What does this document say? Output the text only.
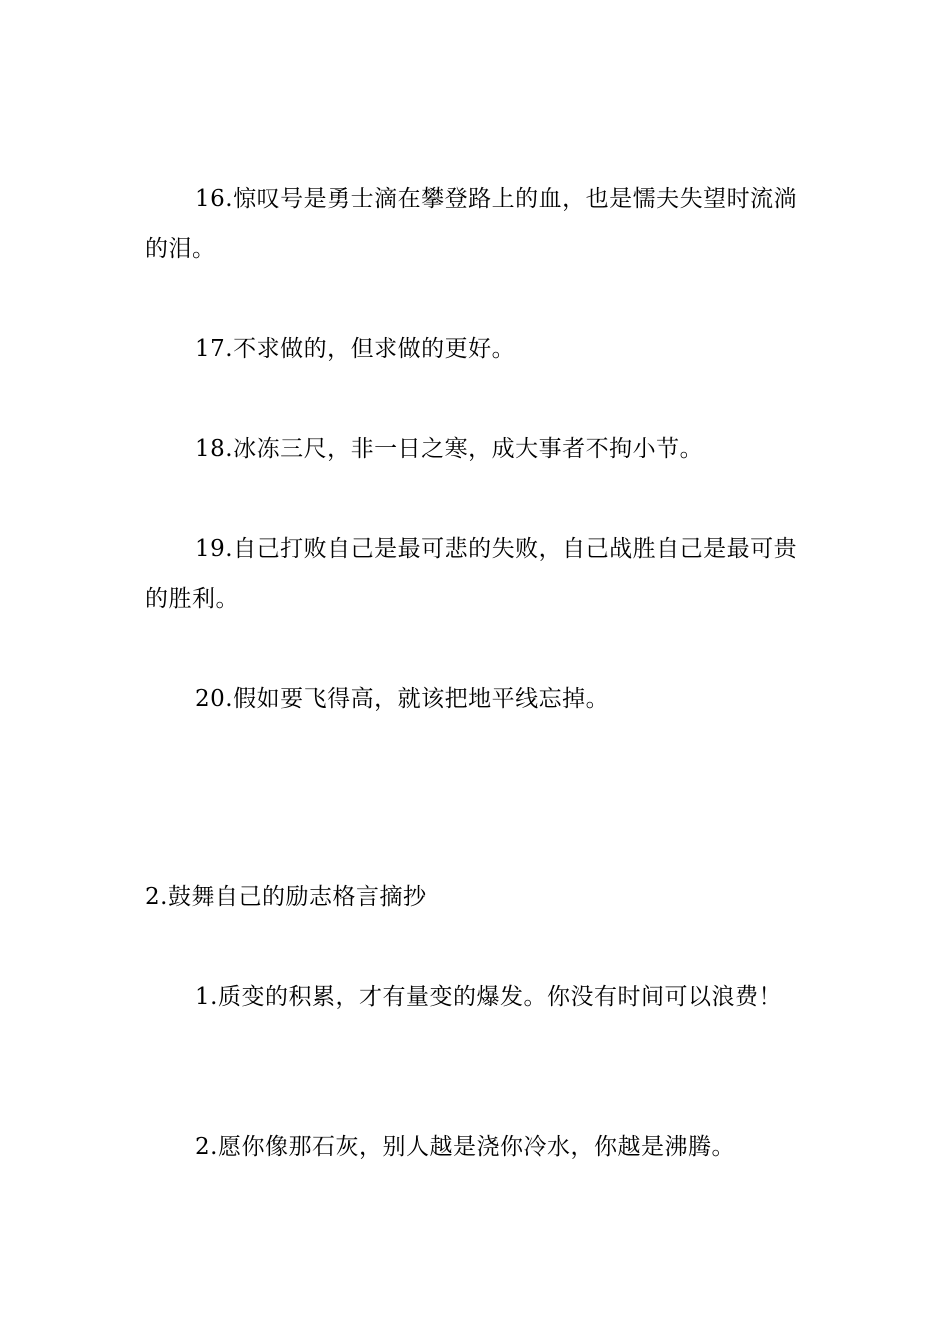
16.惊叹号是勇士滴在攀登路上的血，也是懦夫失望时流淌的泪。

17.不求做的，但求做的更好。

18.冰冻三尺，非一日之寒，成大事者不拘小节。

19.自己打败自己是最可悲的失败，自己战胜自己是最可贵的胜利。

20.假如要飞得高，就该把地平线忘掉。

2.鼓舞自己的励志格言摘抄

1.质变的积累，才有量变的爆发。你没有时间可以浪费！

2.愿你像那石灰，别人越是浇你冷水，你越是沸腾。
